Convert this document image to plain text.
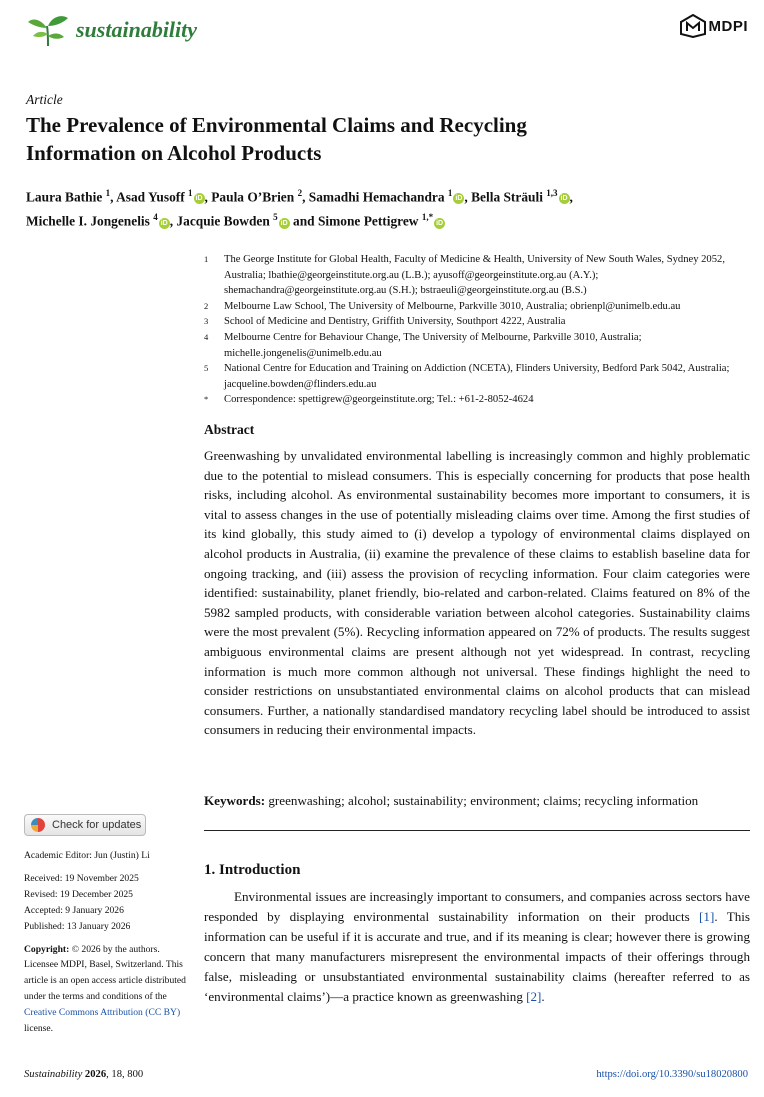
sustainability	MDPI
Article
The Prevalence of Environmental Claims and Recycling
Information on Alcohol Products
Laura Bathie $^1$, Asad Yusoff $^1$iD , Paula O’Brien $^2$, Samadhi Hemachandra $^1$iD , Bella Sträuli $^{1,3}$iD ,
Michelle I. Jongenelis $^4$iD , Jacquie Bowden $^5$iD and Simone Pettigrew $^{1,*}$iD
1	The George Institute for Global Health, Faculty of Medicine & Health, University of New South Wales, Sydney 2052, Australia; lbathie@georgeinstitute.org.au (L.B.); ayusoff@georgeinstitute.org.au (A.Y.); shemachandra@georgeinstitute.org.au (S.H.); bstraeuli@georgeinstitute.org.au (B.S.)
2	Melbourne Law School, The University of Melbourne, Parkville 3010, Australia; obrienpl@unimelb.edu.au
3	School of Medicine and Dentistry, Griffith University, Southport 4222, Australia
4	Melbourne Centre for Behaviour Change, The University of Melbourne, Parkville 3010, Australia; michelle.jongenelis@unimelb.edu.au
5	National Centre for Education and Training on Addiction (NCETA), Flinders University, Bedford Park 5042, Australia; jacqueline.bowden@flinders.edu.au
*	Correspondence: spettigrew@georgeinstitute.org; Tel.: +61-2-8052-4624
Abstract
Greenwashing by unvalidated environmental labelling is increasingly common and highly problematic due to the potential to mislead consumers. This is especially concerning for products that pose health risks, including alcohol. As environmental sustainability becomes more important to consumers, it is vital to assess changes in the use of potentially misleading claims over time. Among the first studies of its kind globally, this study aimed to (i) develop a typology of environmental claims displayed on alcohol products in Australia, (ii) examine the prevalence of these claims to establish baseline data for ongoing tracking, and (iii) assess the provision of recycling information. Four claim categories were identified: sustainability, planet friendly, bio-related and carbon-related. Claims featured on 8% of the 5982 sampled products, with considerable variation between alcohol categories. Sustainability claims were the most prevalent (5%). Recycling information appeared on 72% of products. The results suggest ambiguous environmental claims are present although not yet widespread. In contrast, recycling information is much more common although not universal. These findings highlight the need to consider restrictions on unsubstantiated environmental claims on alcohol products that can mislead consumers. Further, a nationally standardised mandatory recycling label should be introduced to assist consumers in reducing their environmental impacts.
Keywords: greenwashing; alcohol; sustainability; environment; claims; recycling information
Check for updates
Academic Editor: Jun (Justin) Li
Received: 19 November 2025
Revised: 19 December 2025
Accepted: 9 January 2026
Published: 13 January 2026
Copyright: © 2026 by the authors. Licensee MDPI, Basel, Switzerland. This article is an open access article distributed under the terms and conditions of the Creative Commons Attribution (CC BY) license.
1. Introduction
Environmental issues are increasingly important to consumers, and companies across sectors have responded by displaying environmental sustainability information on their products [1]. This information can be useful if it is accurate and true, and if its meaning is clear; however there is growing concern that many manufacturers misrepresent the environmental impacts of their offerings through false, misleading or unsubstantiated environmental sustainability claims (hereafter referred to as ‘environmental claims’)—a practice known as greenwashing [2].
Sustainability 2026, 18, 800	https://doi.org/10.3390/su18020800
